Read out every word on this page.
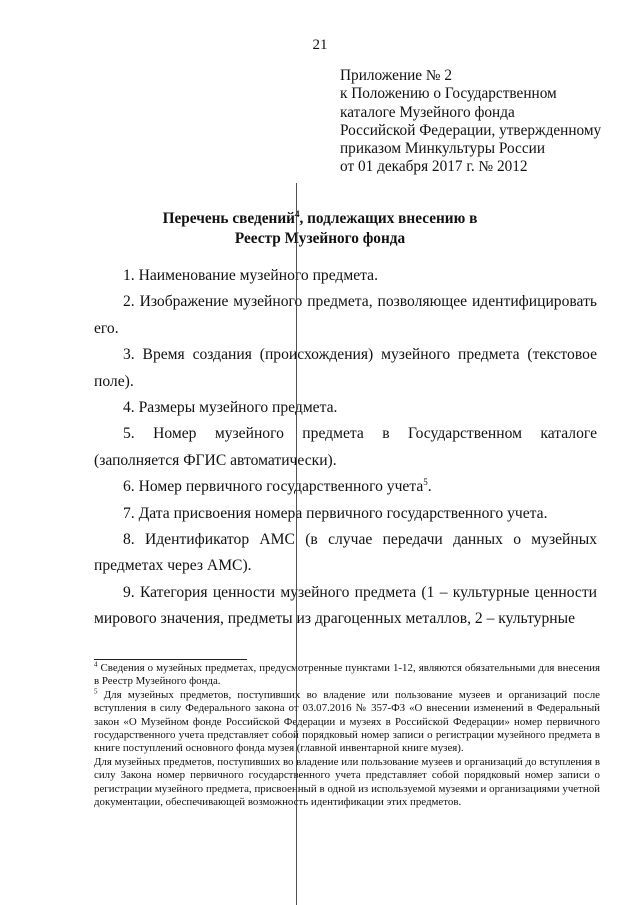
21
Приложение № 2
к Положению о Государственном
каталоге Музейного фонда
Российской Федерации, утвержденному
приказом Минкультуры России
от 01 декабря 2017 г. № 2012
Перечень сведений$^4$, подлежащих внесению в
Реестр Музейного фонда

1. Наименование музейного предмета.

2. Изображение музейного предмета, позволяющее идентифицировать его.

3. Время создания (происхождения) музейного предмета (текстовое поле).

4. Размеры музейного предмета.

5. Номер музейного предмета в Государственном каталоге (заполняется ФГИС автоматически).

6. Номер первичного государственного учета$^5$.

7. Дата присвоения номера первичного государственного учета.

8. Идентификатор АМС (в случае передачи данных о музейных предметах через АМС).

9. Категория ценности музейного предмета (1 – культурные ценности мирового значения, предметы из драгоценных металлов, 2 – культурные

$^4$ Сведения о музейных предметах, предусмотренные пунктами 1-12, являются обязательными для внесения в Реестр Музейного фонда.

$^5$ Для музейных предметов, поступивших во владение или пользование музеев и организаций после вступления в силу Федерального закона от 03.07.2016 № 357-ФЗ «О внесении изменений в Федеральный закон «О Музейном фонде Российской Федерации и музеях в Российской Федерации» номер первичного государственного учета представляет собой порядковый номер записи о регистрации музейного предмета в книге поступлений основного фонда музея (главной инвентарной книге музея).

Для музейных предметов, поступивших во владение или пользование музеев и организаций до вступления в силу Закона номер первичного государственного учета представляет собой порядковый номер записи о регистрации музейного предмета, присвоенный в одной из используемой музеями и организациями учетной документации, обеспечивающей возможность идентификации этих предметов.
